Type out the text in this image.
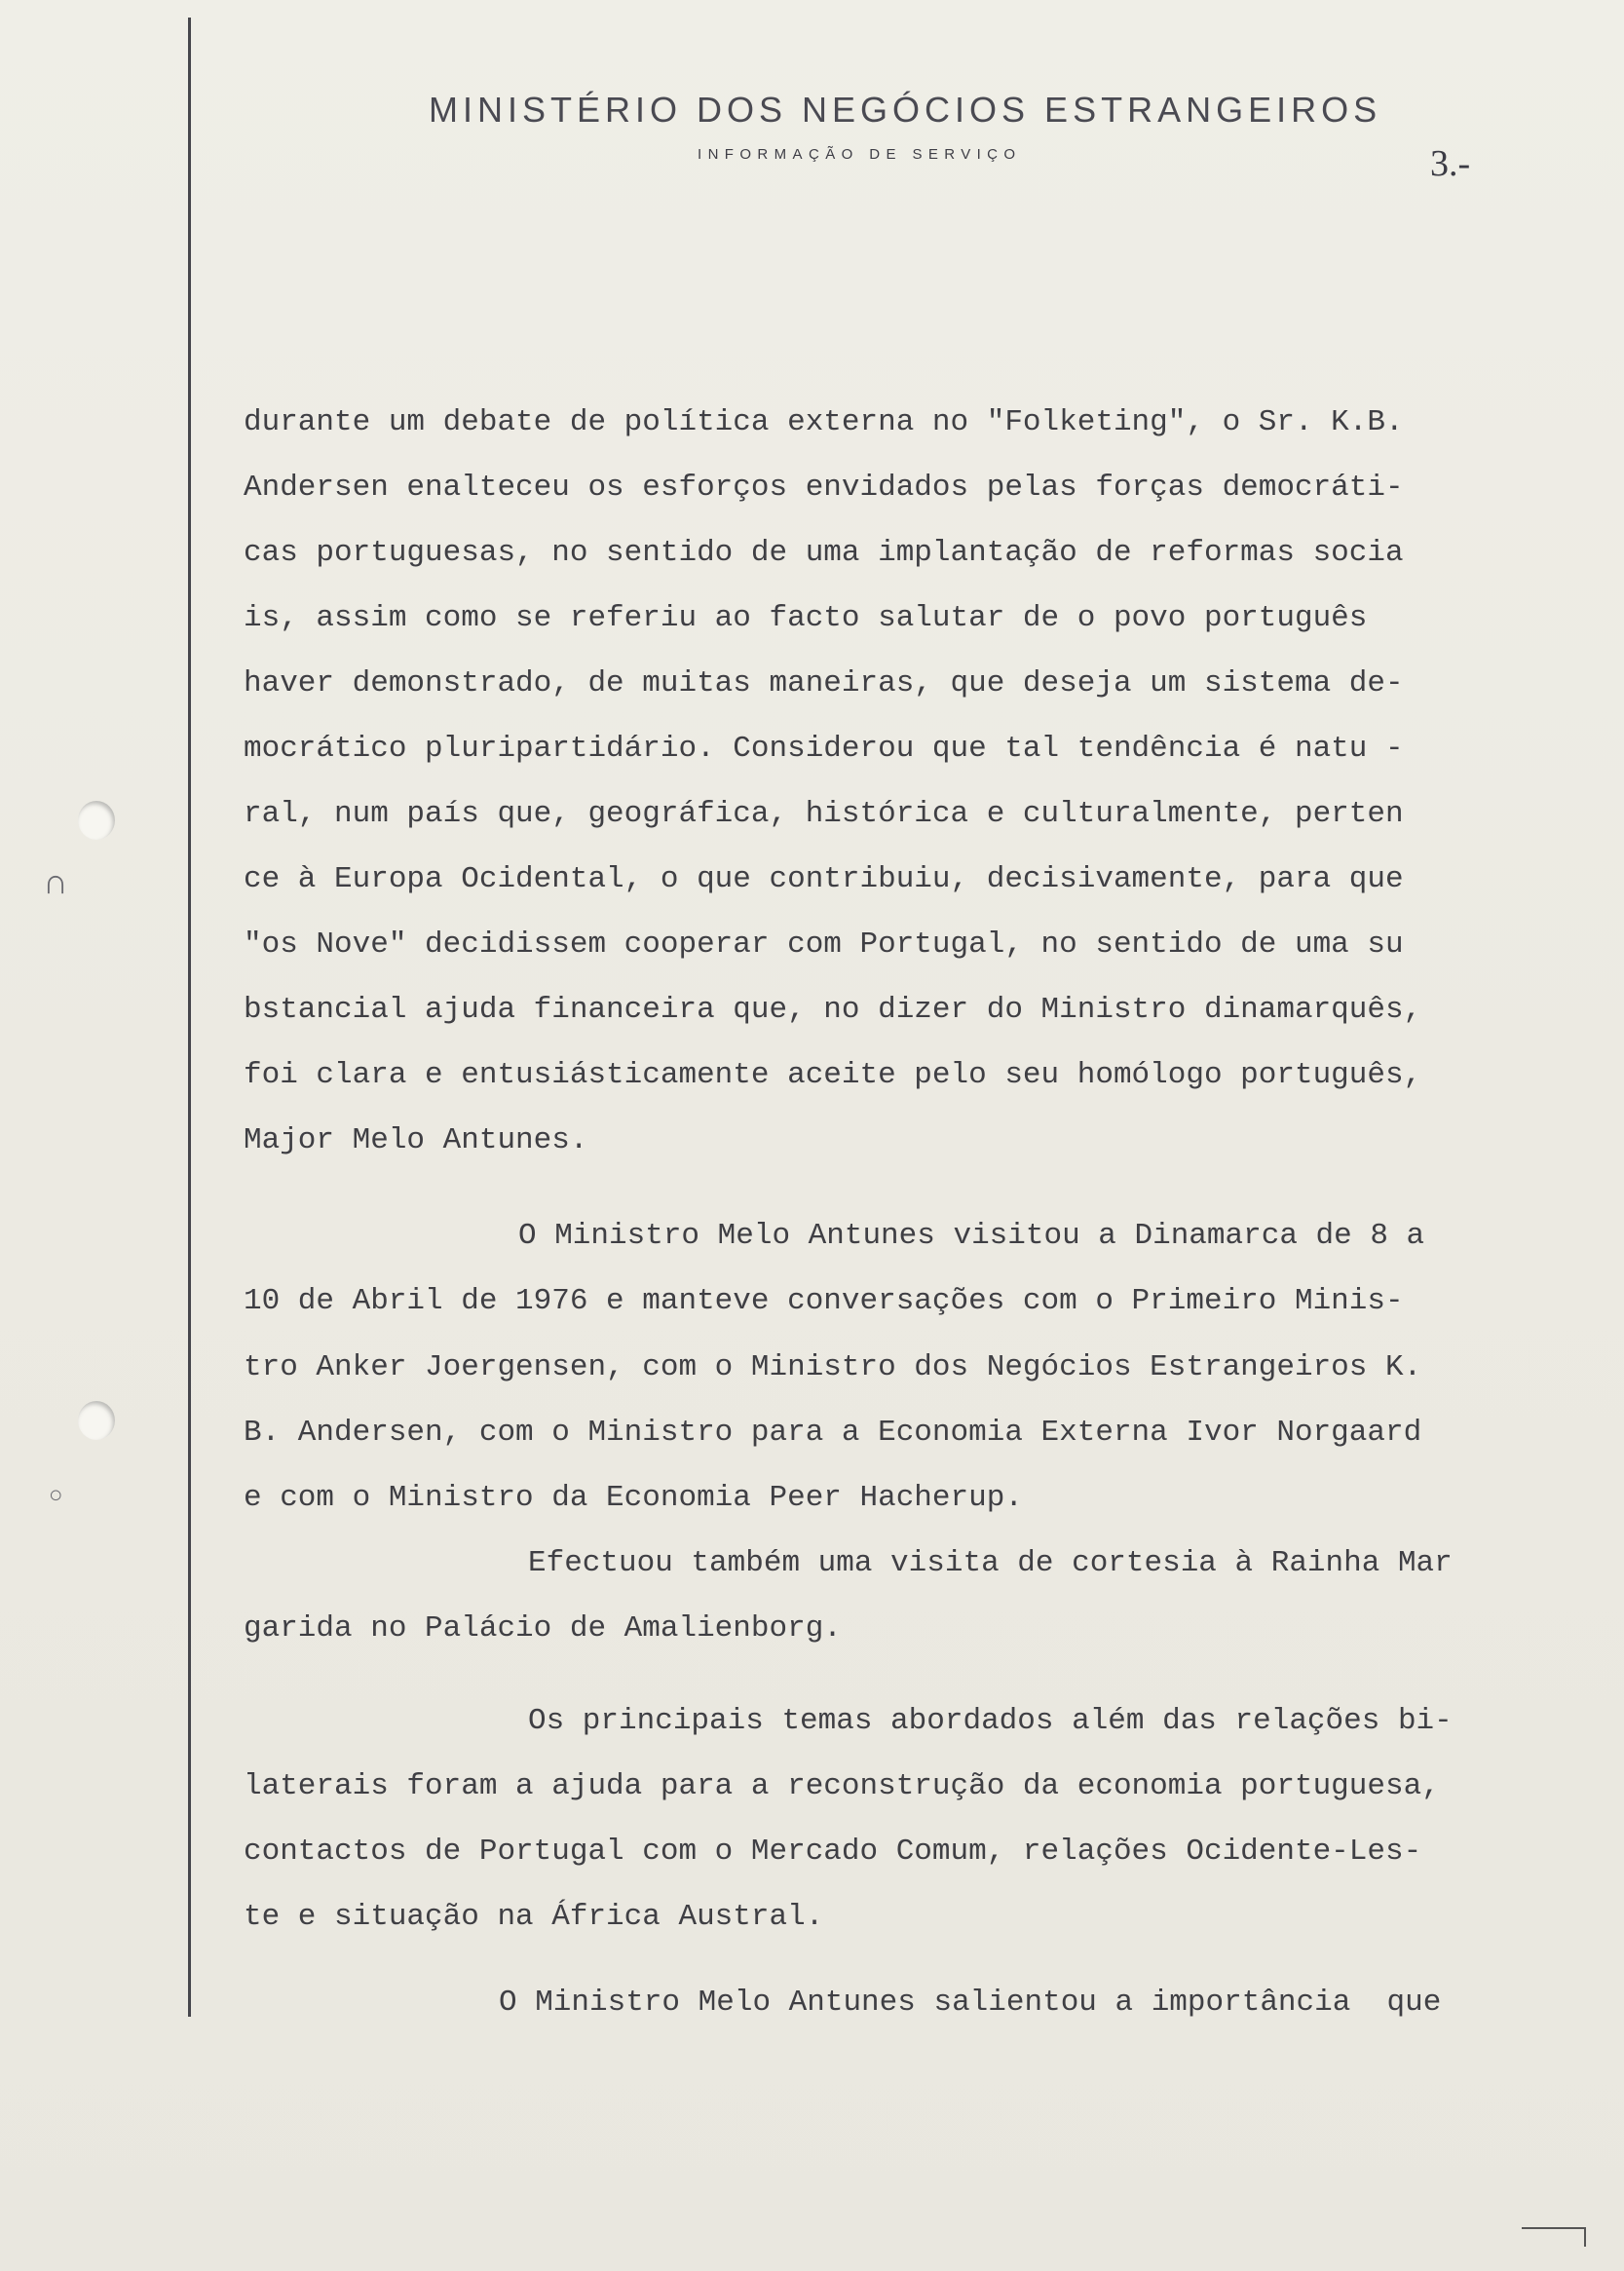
∩
○
MINISTÉRIO DOS NEGÓCIOS ESTRANGEIROS
INFORMAÇÃO DE SERVIÇO	3.-

durante um debate de política externa no "Folketing", o Sr. K.B.

Andersen enalteceu os esforços envidados pelas forças democráti-

cas portuguesas, no sentido de uma implantação de reformas socia

is, assim como se referiu ao facto salutar de o povo português

haver demonstrado, de muitas maneiras, que deseja um sistema de-

mocrático pluripartidário. Considerou que tal tendência é natu -

ral, num país que, geográfica, histórica e culturalmente, perten

ce à Europa Ocidental, o que contribuiu, decisivamente, para que

"os Nove" decidissem cooperar com Portugal, no sentido de uma su

bstancial ajuda financeira que, no dizer do Ministro dinamarquês,

foi clara e entusiásticamente aceite pelo seu homólogo português,

Major Melo Antunes.

O Ministro Melo Antunes visitou a Dinamarca de 8 a

10 de Abril de 1976 e manteve conversações com o Primeiro Minis-

tro Anker Joergensen, com o Ministro dos Negócios Estrangeiros K.

B. Andersen, com o Ministro para a Economia Externa Ivor Norgaard

e com o Ministro da Economia Peer Hacherup.

Efectuou também uma visita de cortesia à Rainha Mar

garida no Palácio de Amalienborg.

Os principais temas abordados além das relações bi-

laterais foram a ajuda para a reconstrução da economia portuguesa,

contactos de Portugal com o Mercado Comum, relações Ocidente-Les-

te e situação na África Austral.

O Ministro Melo Antunes salientou a importância  que
